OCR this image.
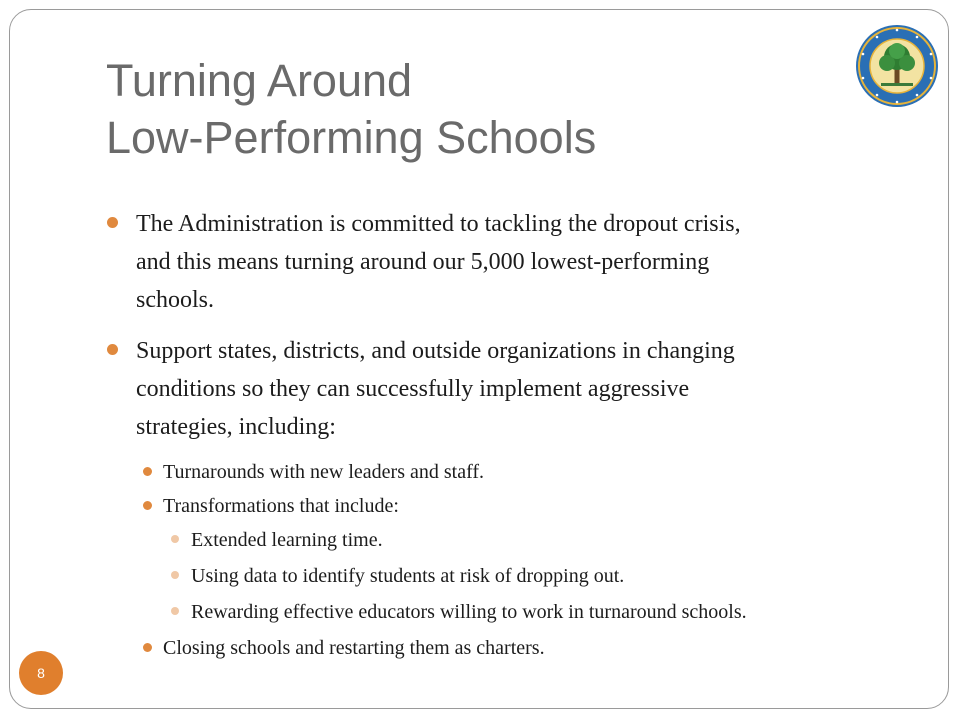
Turning Around
Low-Performing Schools
The Administration is committed to tackling the dropout crisis,
and this means turning around our 5,000 lowest-performing
schools.
Support states, districts, and outside organizations in changing
conditions so they can successfully implement aggressive
strategies, including:
Turnarounds with new leaders and staff.
Transformations that include:
Extended learning time.
Using data to identify students at risk of dropping out.
Rewarding effective educators willing to work in turnaround schools.
Closing schools and restarting them as charters.
8
